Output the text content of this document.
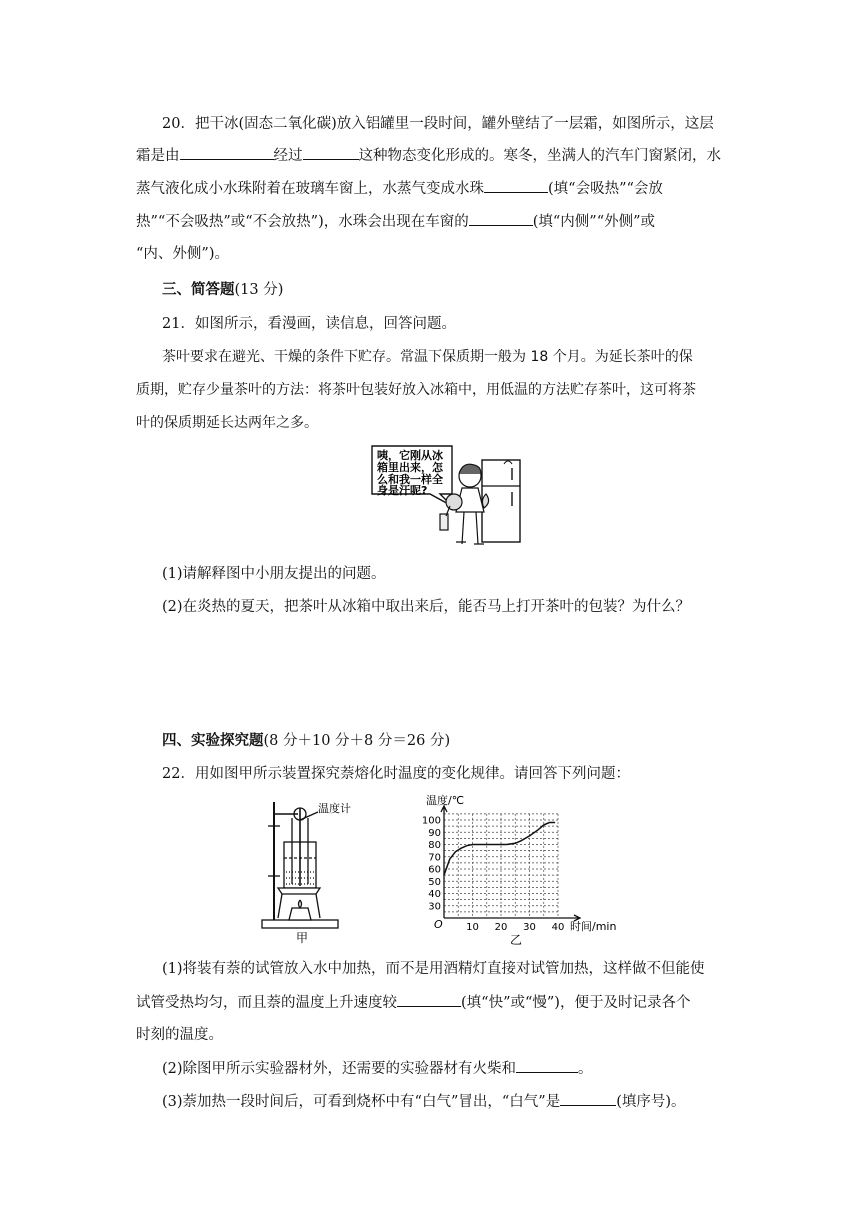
20．把干冰(固态二氧化碳)放入铝罐里一段时间，罐外壁结了一层霜，如图所示，这层
霜是由	经过	这种物态变化形成的。寒冬，坐满人的汽车门窗紧闭，水
蒸气液化成小水珠附着在玻璃车窗上，水蒸气变成水珠	(填“会吸热”“会放
热”“不会吸热”或“不会放热”)，水珠会出现在车窗的	(填“内侧”“外侧”或
“内、外侧”)。
三、简答题(13 分)
21．如图所示，看漫画，读信息，回答问题。
茶叶要求在避光、干燥的条件下贮存。常温下保质期一般为 18 个月。为延长茶叶的保
质期，贮存少量茶叶的方法：将茶叶包装好放入冰箱中，用低温的方法贮存茶叶，这可将茶
叶的保质期延长达两年之多。
咦，它刚从冰
箱里出来，怎
么和我一样全
身是汗呢?
(1)请解释图中小朋友提出的问题。
(2)在炎热的夏天，把茶叶从冰箱中取出来后，能否马上打开茶叶的包装？为什么？
四、实验探究题(8 分＋10 分＋8 分＝26 分)
22．用如图甲所示装置探究萘熔化时温度的变化规律。请回答下列问题：
温度计
甲
10 20 30 40
30
40
50
60
70
80
90
100
温度/℃
时间/min
O
乙
(1)将装有萘的试管放入水中加热，而不是用酒精灯直接对试管加热，这样做不但能使
试管受热均匀，而且萘的温度上升速度较	(填“快”或“慢”)，便于及时记录各个
时刻的温度。
(2)除图甲所示实验器材外，还需要的实验器材有火柴和	。
(3)萘加热一段时间后，可看到烧杯中有“白气”冒出，“白气”是	(填序号)。
